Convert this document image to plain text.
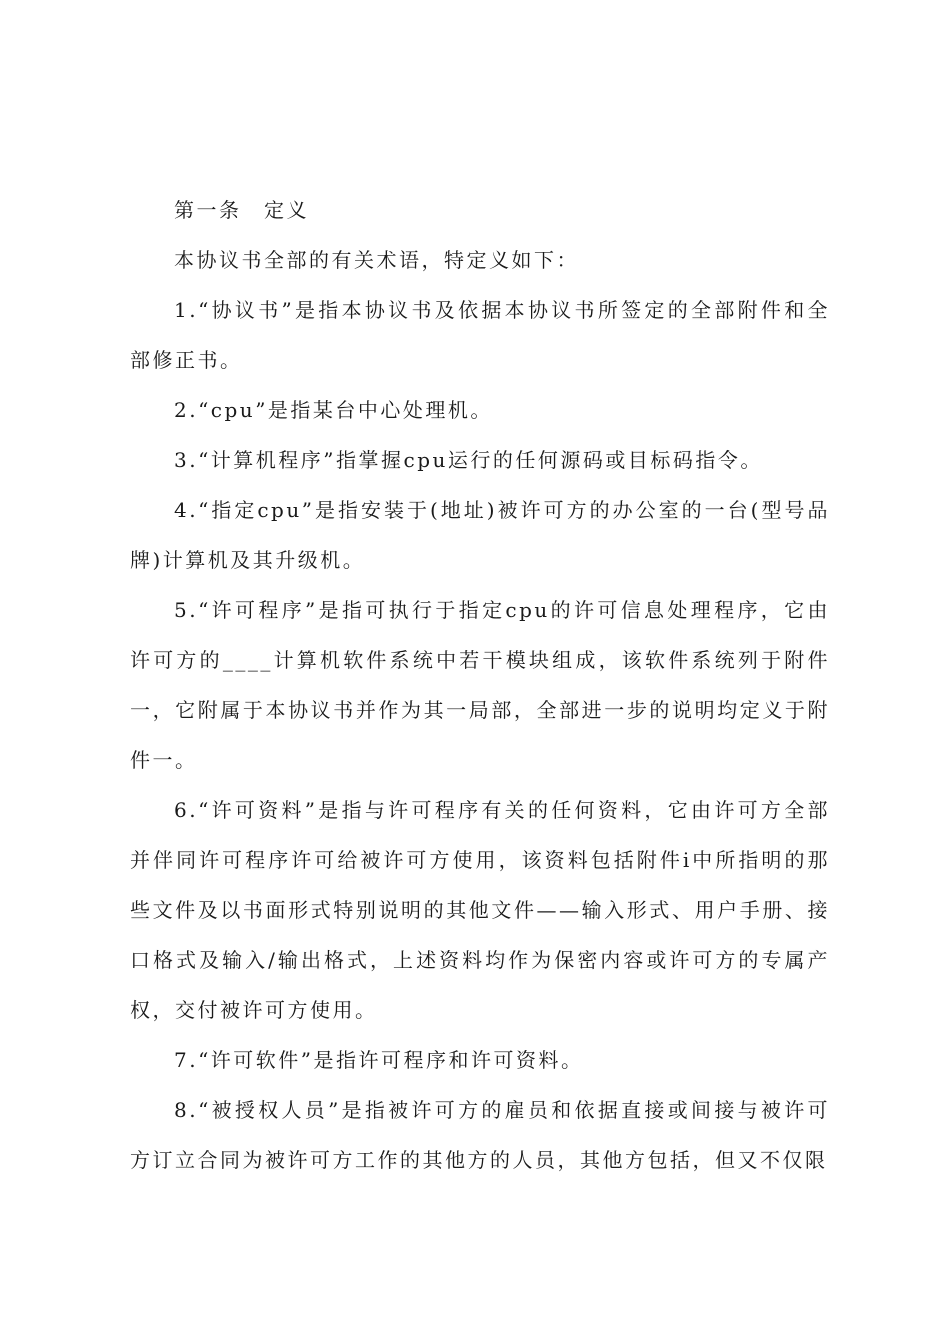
第一条　定义

本协议书全部的有关术语，特定义如下：

1.“协议书”是指本协议书及依据本协议书所签定的全部附件和全部修正书。

2.“cpu”是指某台中心处理机。

3.“计算机程序”指掌握cpu运行的任何源码或目标码指令。

4.“指定cpu”是指安装于(地址)被许可方的办公室的一台(型号品牌)计算机及其升级机。

5.“许可程序”是指可执行于指定cpu的许可信息处理程序，它由许可方的____计算机软件系统中若干模块组成，该软件系统列于附件一，它附属于本协议书并作为其一局部，全部进一步的说明均定义于附件一。

6.“许可资料”是指与许可程序有关的任何资料，它由许可方全部并伴同许可程序许可给被许可方使用，该资料包括附件i中所指明的那些文件及以书面形式特别说明的其他文件——输入形式、用户手册、接口格式及输入/输出格式，上述资料均作为保密内容或许可方的专属产权，交付被许可方使用。

7.“许可软件”是指许可程序和许可资料。

8.“被授权人员”是指被许可方的雇员和依据直接或间接与被许可方订立合同为被许可方工作的其他方的人员，其他方包括，但又不仅限
